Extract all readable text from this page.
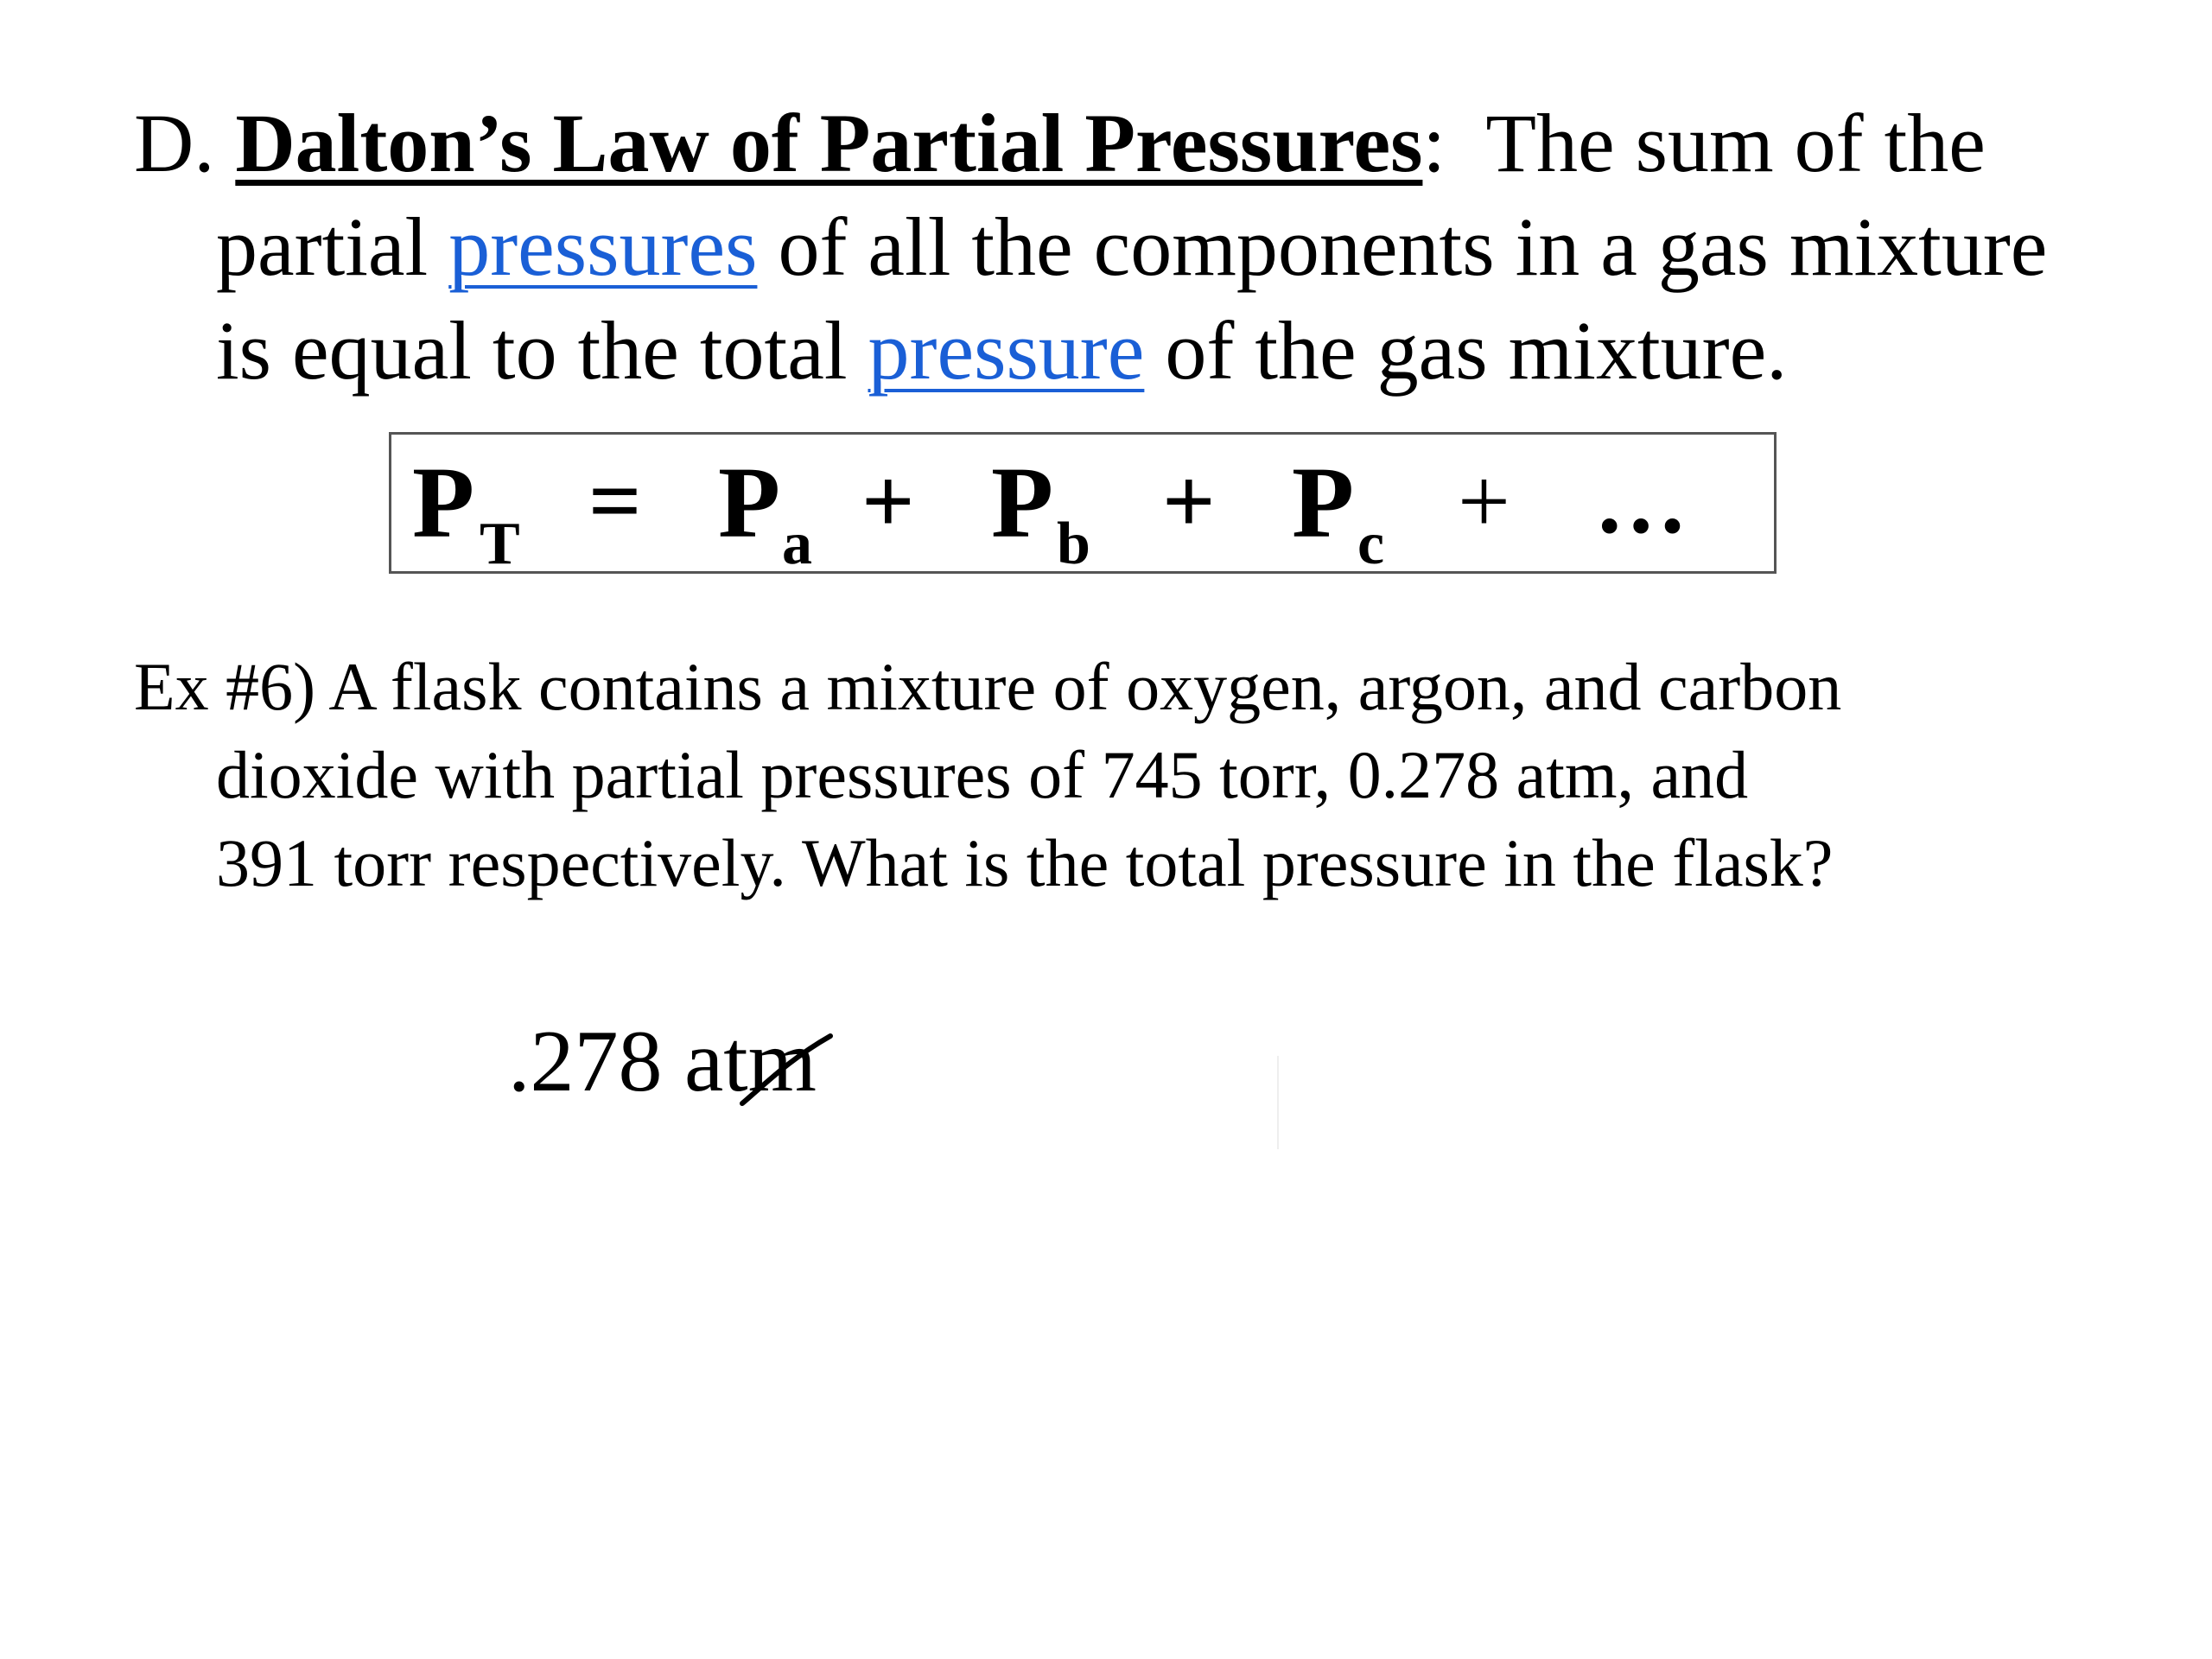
D. Dalton’s Law of Partial Pressures: The sum of the
partial pressures of all the components in a gas mixture
is equal to the total pressure of the gas mixture.
P T = P a + P b + P c + …
Ex #6) A flask contains a mixture of oxygen, argon, and carbon
dioxide with partial pressures of 745 torr, 0.278 atm, and
391 torr respectively. What is the total pressure in the flask?
.278 atm
